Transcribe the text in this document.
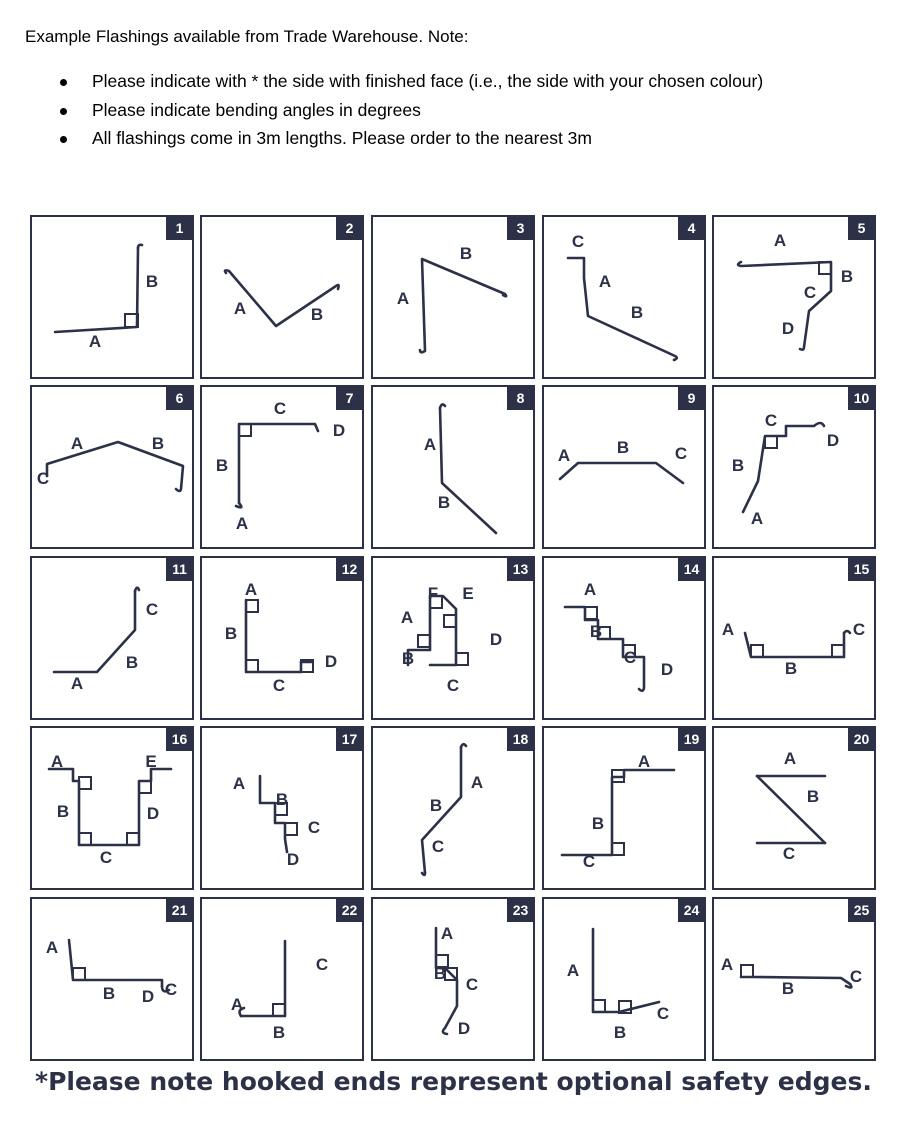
Example Flashings available from Trade Warehouse. Note:

Please indicate with * the side with finished face (i.e., the side with your chosen colour)
Please indicate bending angles in degrees
All flashings come in 3m lengths. Please order to the nearest 3m
1
A
B
2
A	B
3
A
B
4
A
B
C
5
A
B
C
D
6
A	B
C
7
A
B
C
D
8
A
B
9
A	B	C
10
A
B
C
D
11
A
B
C
12
A
B
C
D
13
A
B
C
D
E
F
14
A
B
C
D
15
A
B
C
16
A
B
C
D
E
17
A
B
C
D
18
A
B
C
19
A
B
C
20
A
B
C
21
A
B	C
D
22
A
B
C
23
A
B
C
D
24
A
B
C
25
A
B
C
*Please note hooked ends represent optional safety edges.
